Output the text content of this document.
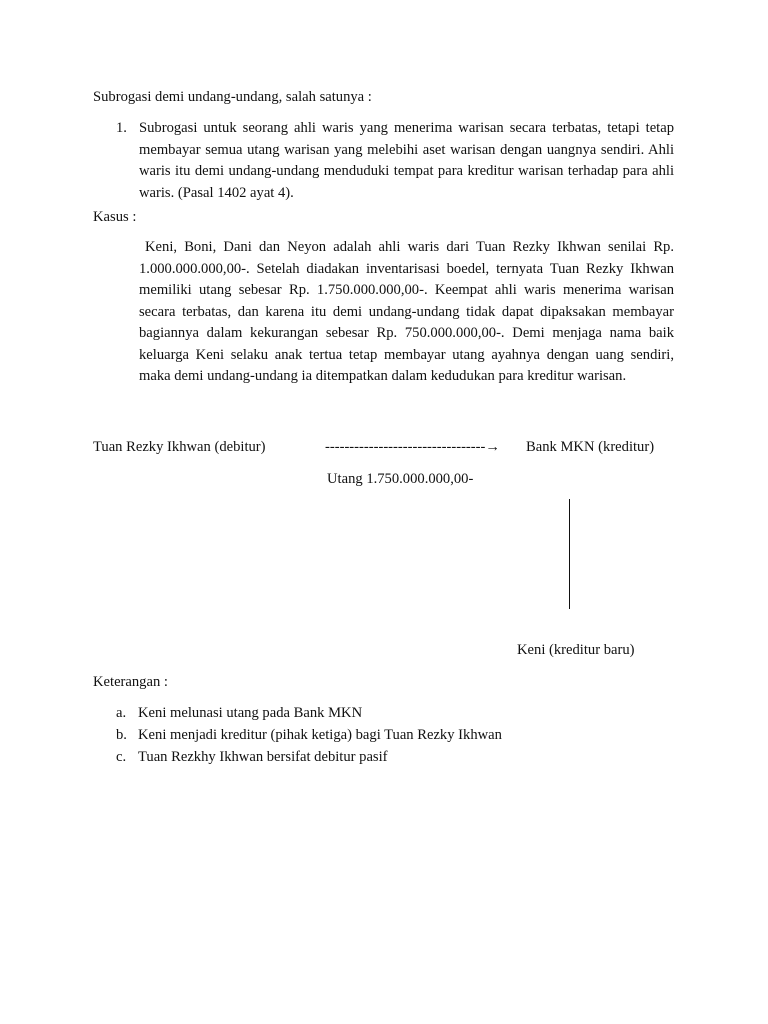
Subrogasi demi undang-undang, salah satunya :

1. Subrogasi untuk seorang ahli waris yang menerima warisan secara terbatas, tetapi tetap membayar semua utang warisan yang melebihi aset warisan dengan uangnya sendiri. Ahli waris itu demi undang-undang menduduki tempat para kreditur warisan terhadap para ahli waris. (Pasal 1402 ayat 4).

Kasus :

Keni, Boni, Dani dan Neyon adalah ahli waris dari Tuan Rezky Ikhwan senilai Rp. 1.000.000.000,00-. Setelah diadakan inventarisasi boedel, ternyata Tuan Rezky Ikhwan memiliki utang sebesar Rp. 1.750.000.000,00-. Keempat ahli waris menerima warisan secara terbatas, dan karena itu demi undang-undang tidak dapat dipaksakan membayar bagiannya dalam kekurangan sebesar Rp. 750.000.000,00-. Demi menjaga nama baik keluarga Keni selaku anak tertua tetap membayar utang ayahnya dengan uang sendiri, maka demi undang-undang ia ditempatkan dalam kedudukan para kreditur warisan.

Tuan Rezky Ikhwan (debitur)	---------------------------------→ Bank MKN (kreditur)
Utang 1.750.000.000,00-
Keni (kreditur baru)

Keterangan :

a. Keni melunasi utang pada Bank MKN
b. Keni menjadi kreditur (pihak ketiga) bagi Tuan Rezky Ikhwan
c. Tuan Rezkhy Ikhwan bersifat debitur pasif
